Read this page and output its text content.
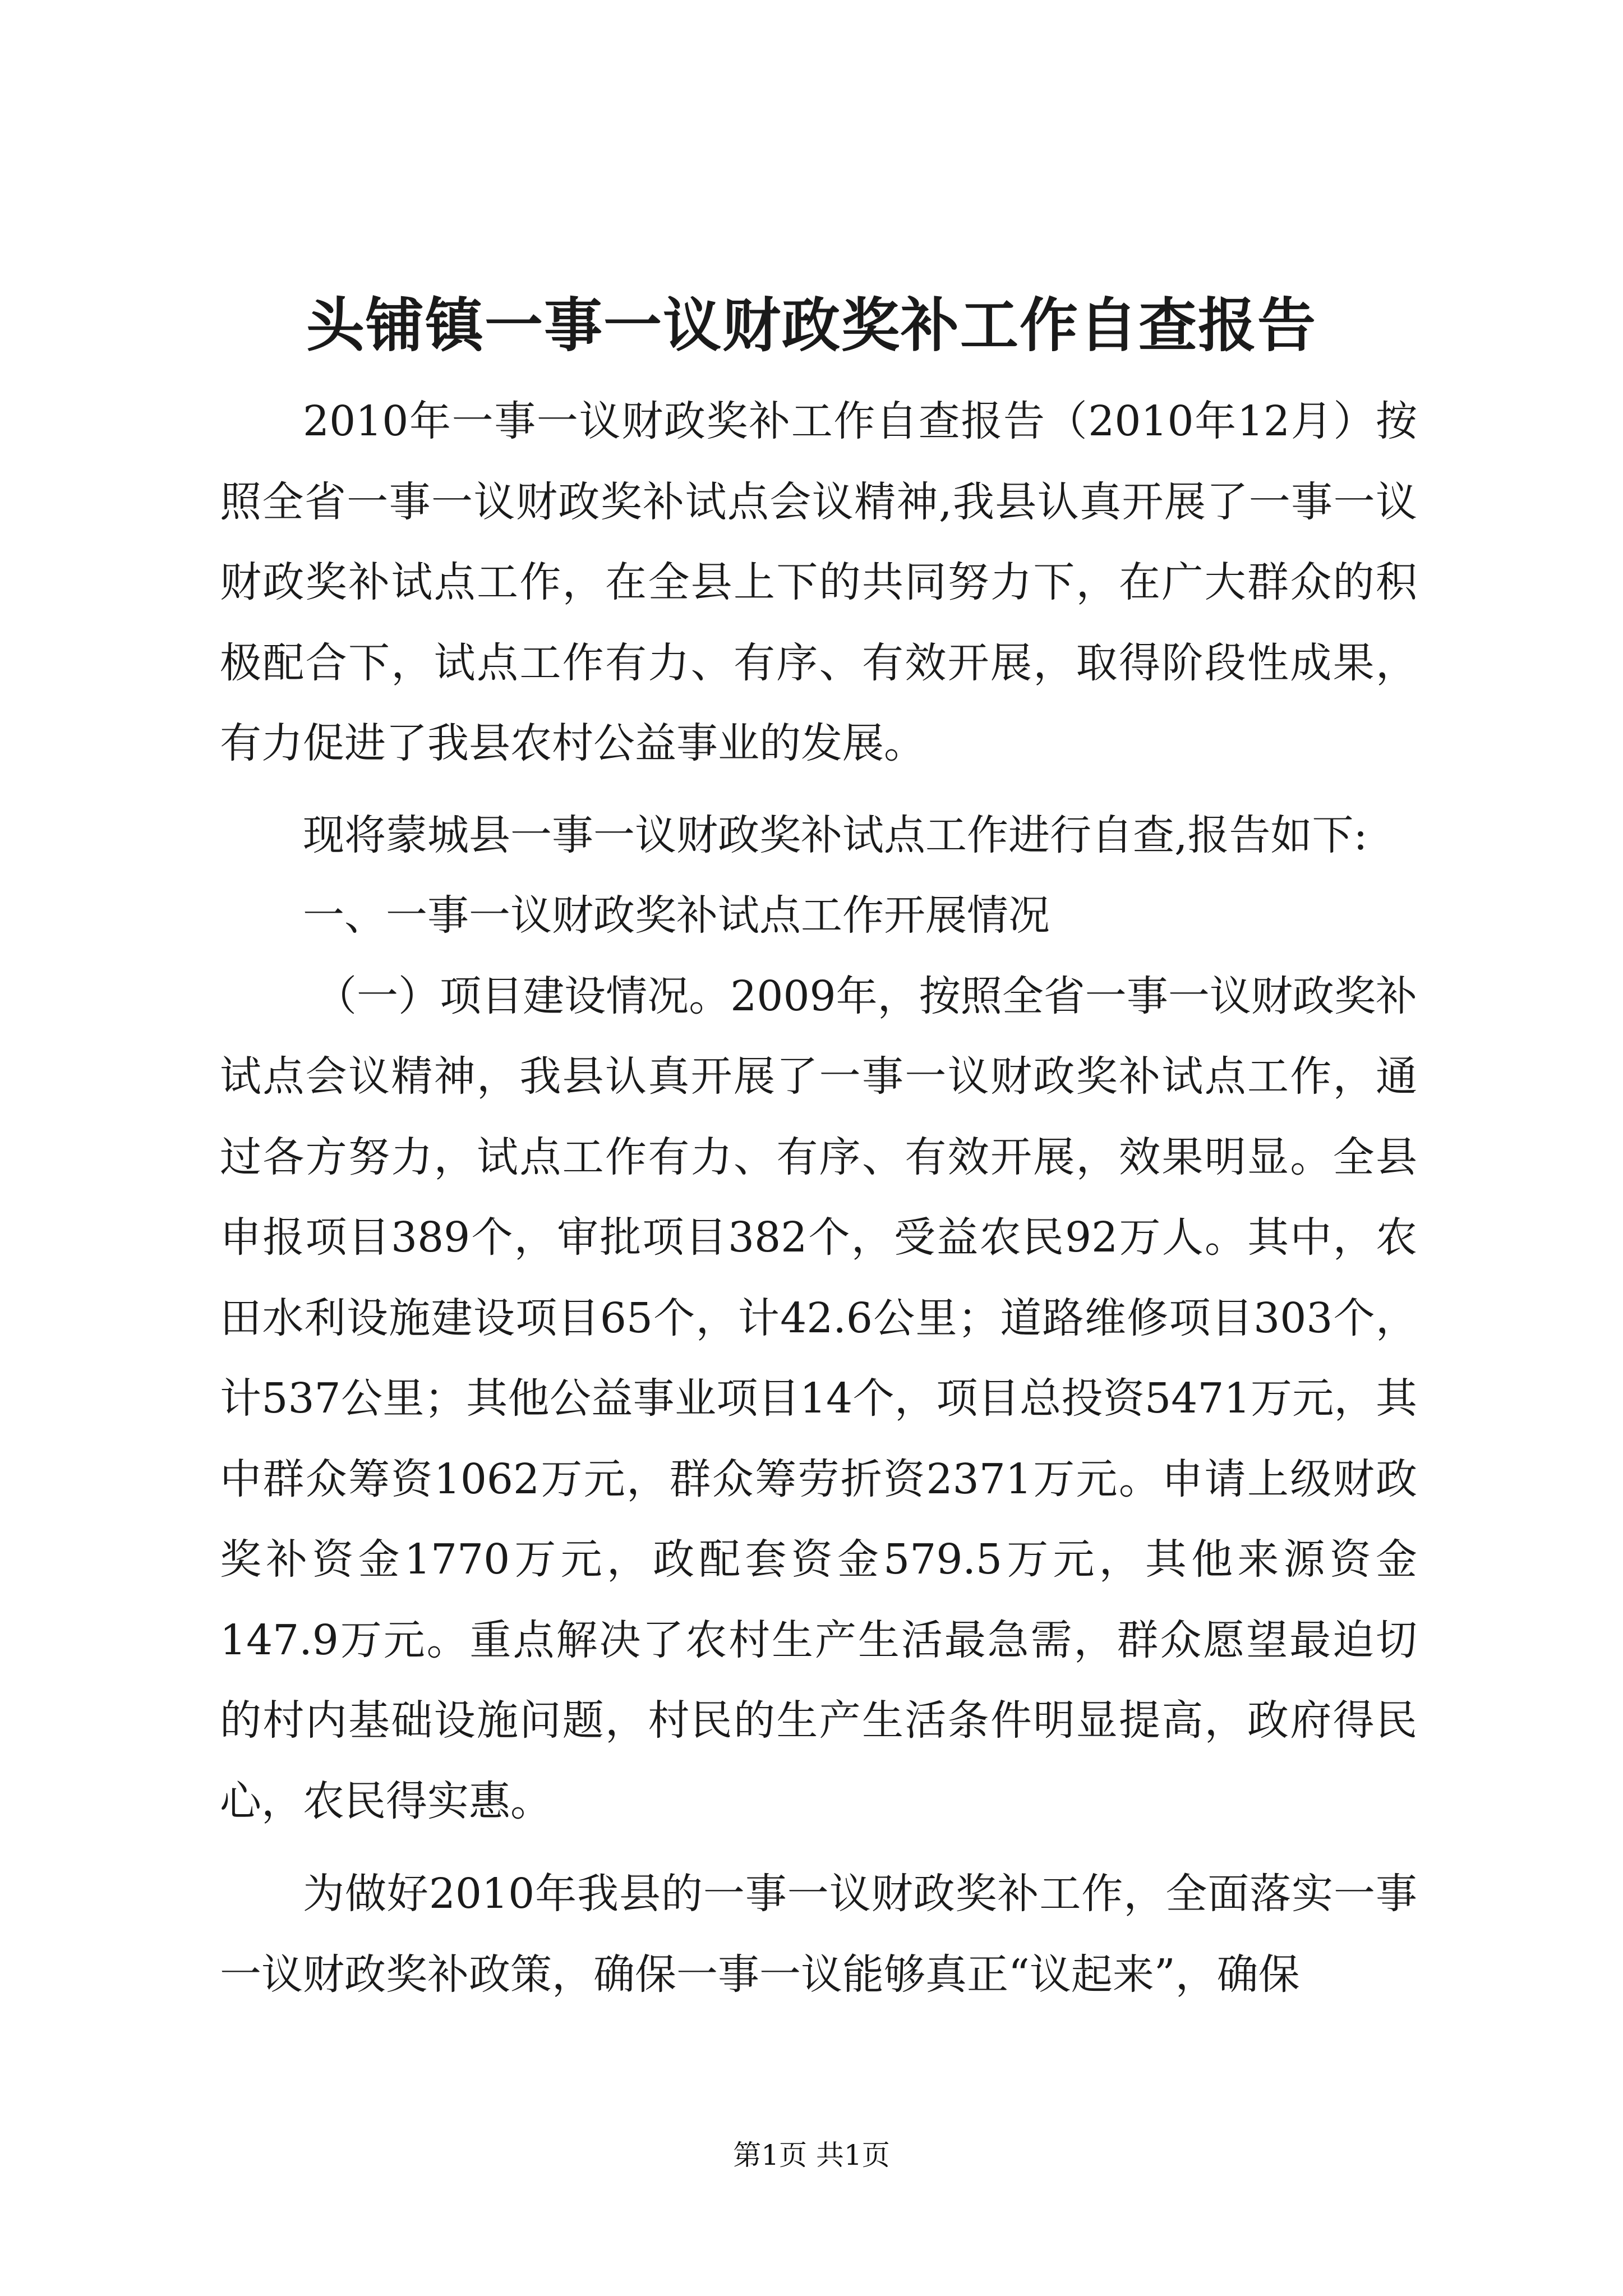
头铺镇一事一议财政奖补工作自查报告

2010年一事一议财政奖补工作自查报告（2010年12月）按照全省一事一议财政奖补试点会议精神,我县认真开展了一事一议财政奖补试点工作，在全县上下的共同努力下，在广大群众的积极配合下，试点工作有力、有序、有效开展，取得阶段性成果，有力促进了我县农村公益事业的发展。

现将蒙城县一事一议财政奖补试点工作进行自查,报告如下:

一、一事一议财政奖补试点工作开展情况

（一）项目建设情况。2009年，按照全省一事一议财政奖补试点会议精神，我县认真开展了一事一议财政奖补试点工作，通过各方努力，试点工作有力、有序、有效开展，效果明显。全县申报项目389个，审批项目382个，受益农民92万人。其中，农田水利设施建设项目65个，计42.6公里；道路维修项目303个，计537公里；其他公益事业项目14个，项目总投资5471万元，其中群众筹资1062万元，群众筹劳折资2371万元。申请上级财政奖补资金1770万元，政配套资金579.5万元，其他来源资金147.9万元。重点解决了农村生产生活最急需，群众愿望最迫切的村内基础设施问题，村民的生产生活条件明显提高，政府得民心，农民得实惠。

为做好2010年我县的一事一议财政奖补工作，全面落实一事一议财政奖补政策，确保一事一议能够真正“议起来”，确保

第1页 共1页
